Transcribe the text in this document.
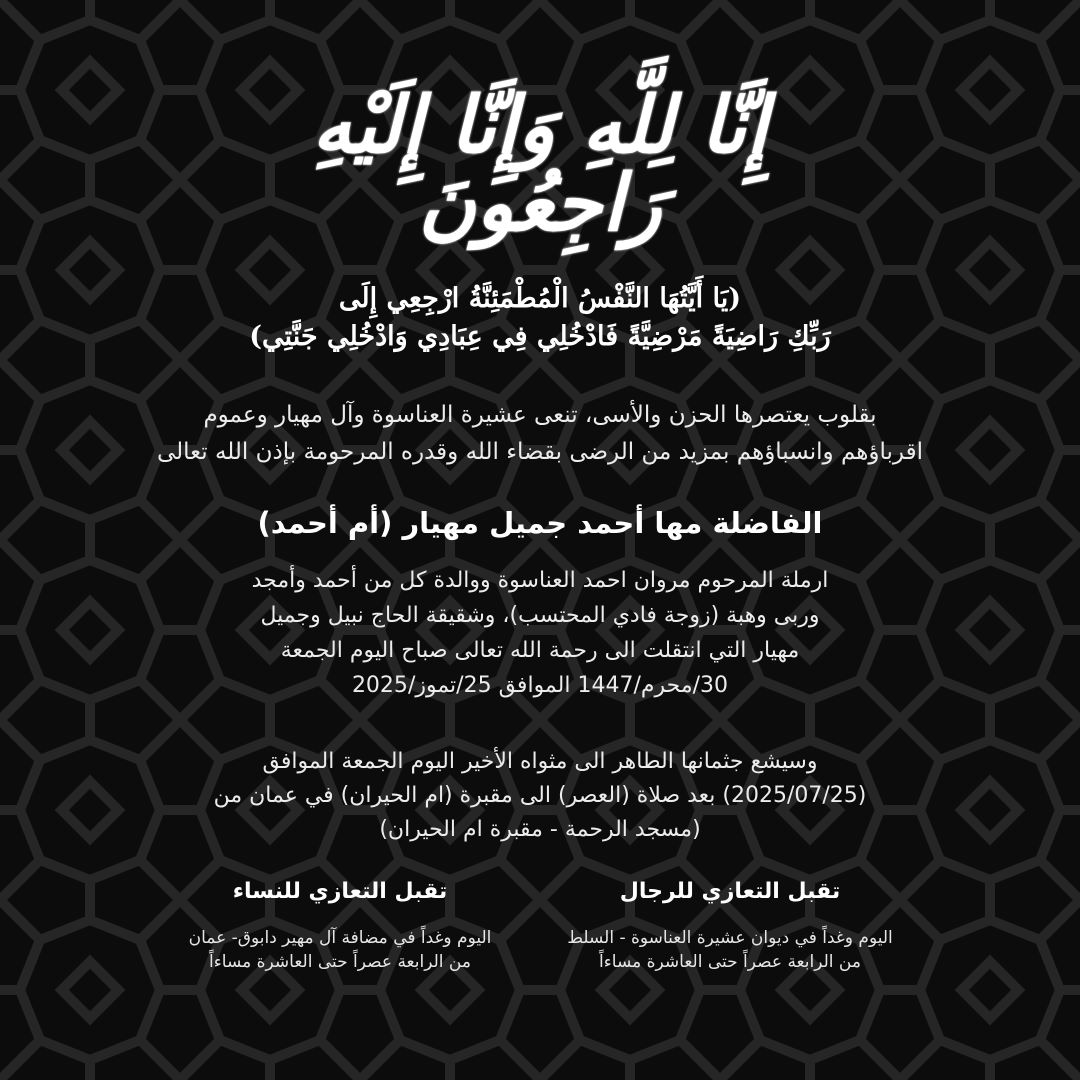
إِنَّا لِلَّهِ وَإِنَّا إِلَيْهِ رَاجِعُونَ
(يَا أَيَّتُهَا النَّفْسُ الْمُطْمَئِنَّةُ ارْجِعِي إِلَى
رَبِّكِ رَاضِيَةً مَرْضِيَّةً فَادْخُلِي فِي عِبَادِي وَادْخُلِي جَنَّتِي)
بقلوب يعتصرها الحزن والأسى، تنعى عشيرة العناسوة وآل مهيار وعموم
اقرباؤهم وانسباؤهم بمزيد من الرضى بقضاء الله وقدره المرحومة بإذن الله تعالى
الفاضلة مها أحمد جميل مهيار (أم أحمد)
ارملة المرحوم مروان احمد العناسوة ووالدة كل من أحمد وأمجد
وربى وهبة (زوجة فادي المحتسب)، وشقيقة الحاج نبيل وجميل
مهيار التي انتقلت الى رحمة الله تعالى صباح اليوم الجمعة
30/محرم/1447 الموافق 25/تموز/2025
وسيشع جثمانها الطاهر الى مثواه الأخير اليوم الجمعة الموافق
(2025/07/25) بعد صلاة (العصر) الى مقبرة (ام الحيران) في عمان من
(مسجد الرحمة - مقبرة ام الحيران)
تقبل التعازي للرجال

اليوم وغداً في ديوان عشيرة العناسوة - السلط

من الرابعة عصراً حتى العاشرة مساءاً

تقبل التعازي للنساء

اليوم وغداً في مضافة آل مهير دابوق- عمان

من الرابعة عصراً حتى العاشرة مساءاً
